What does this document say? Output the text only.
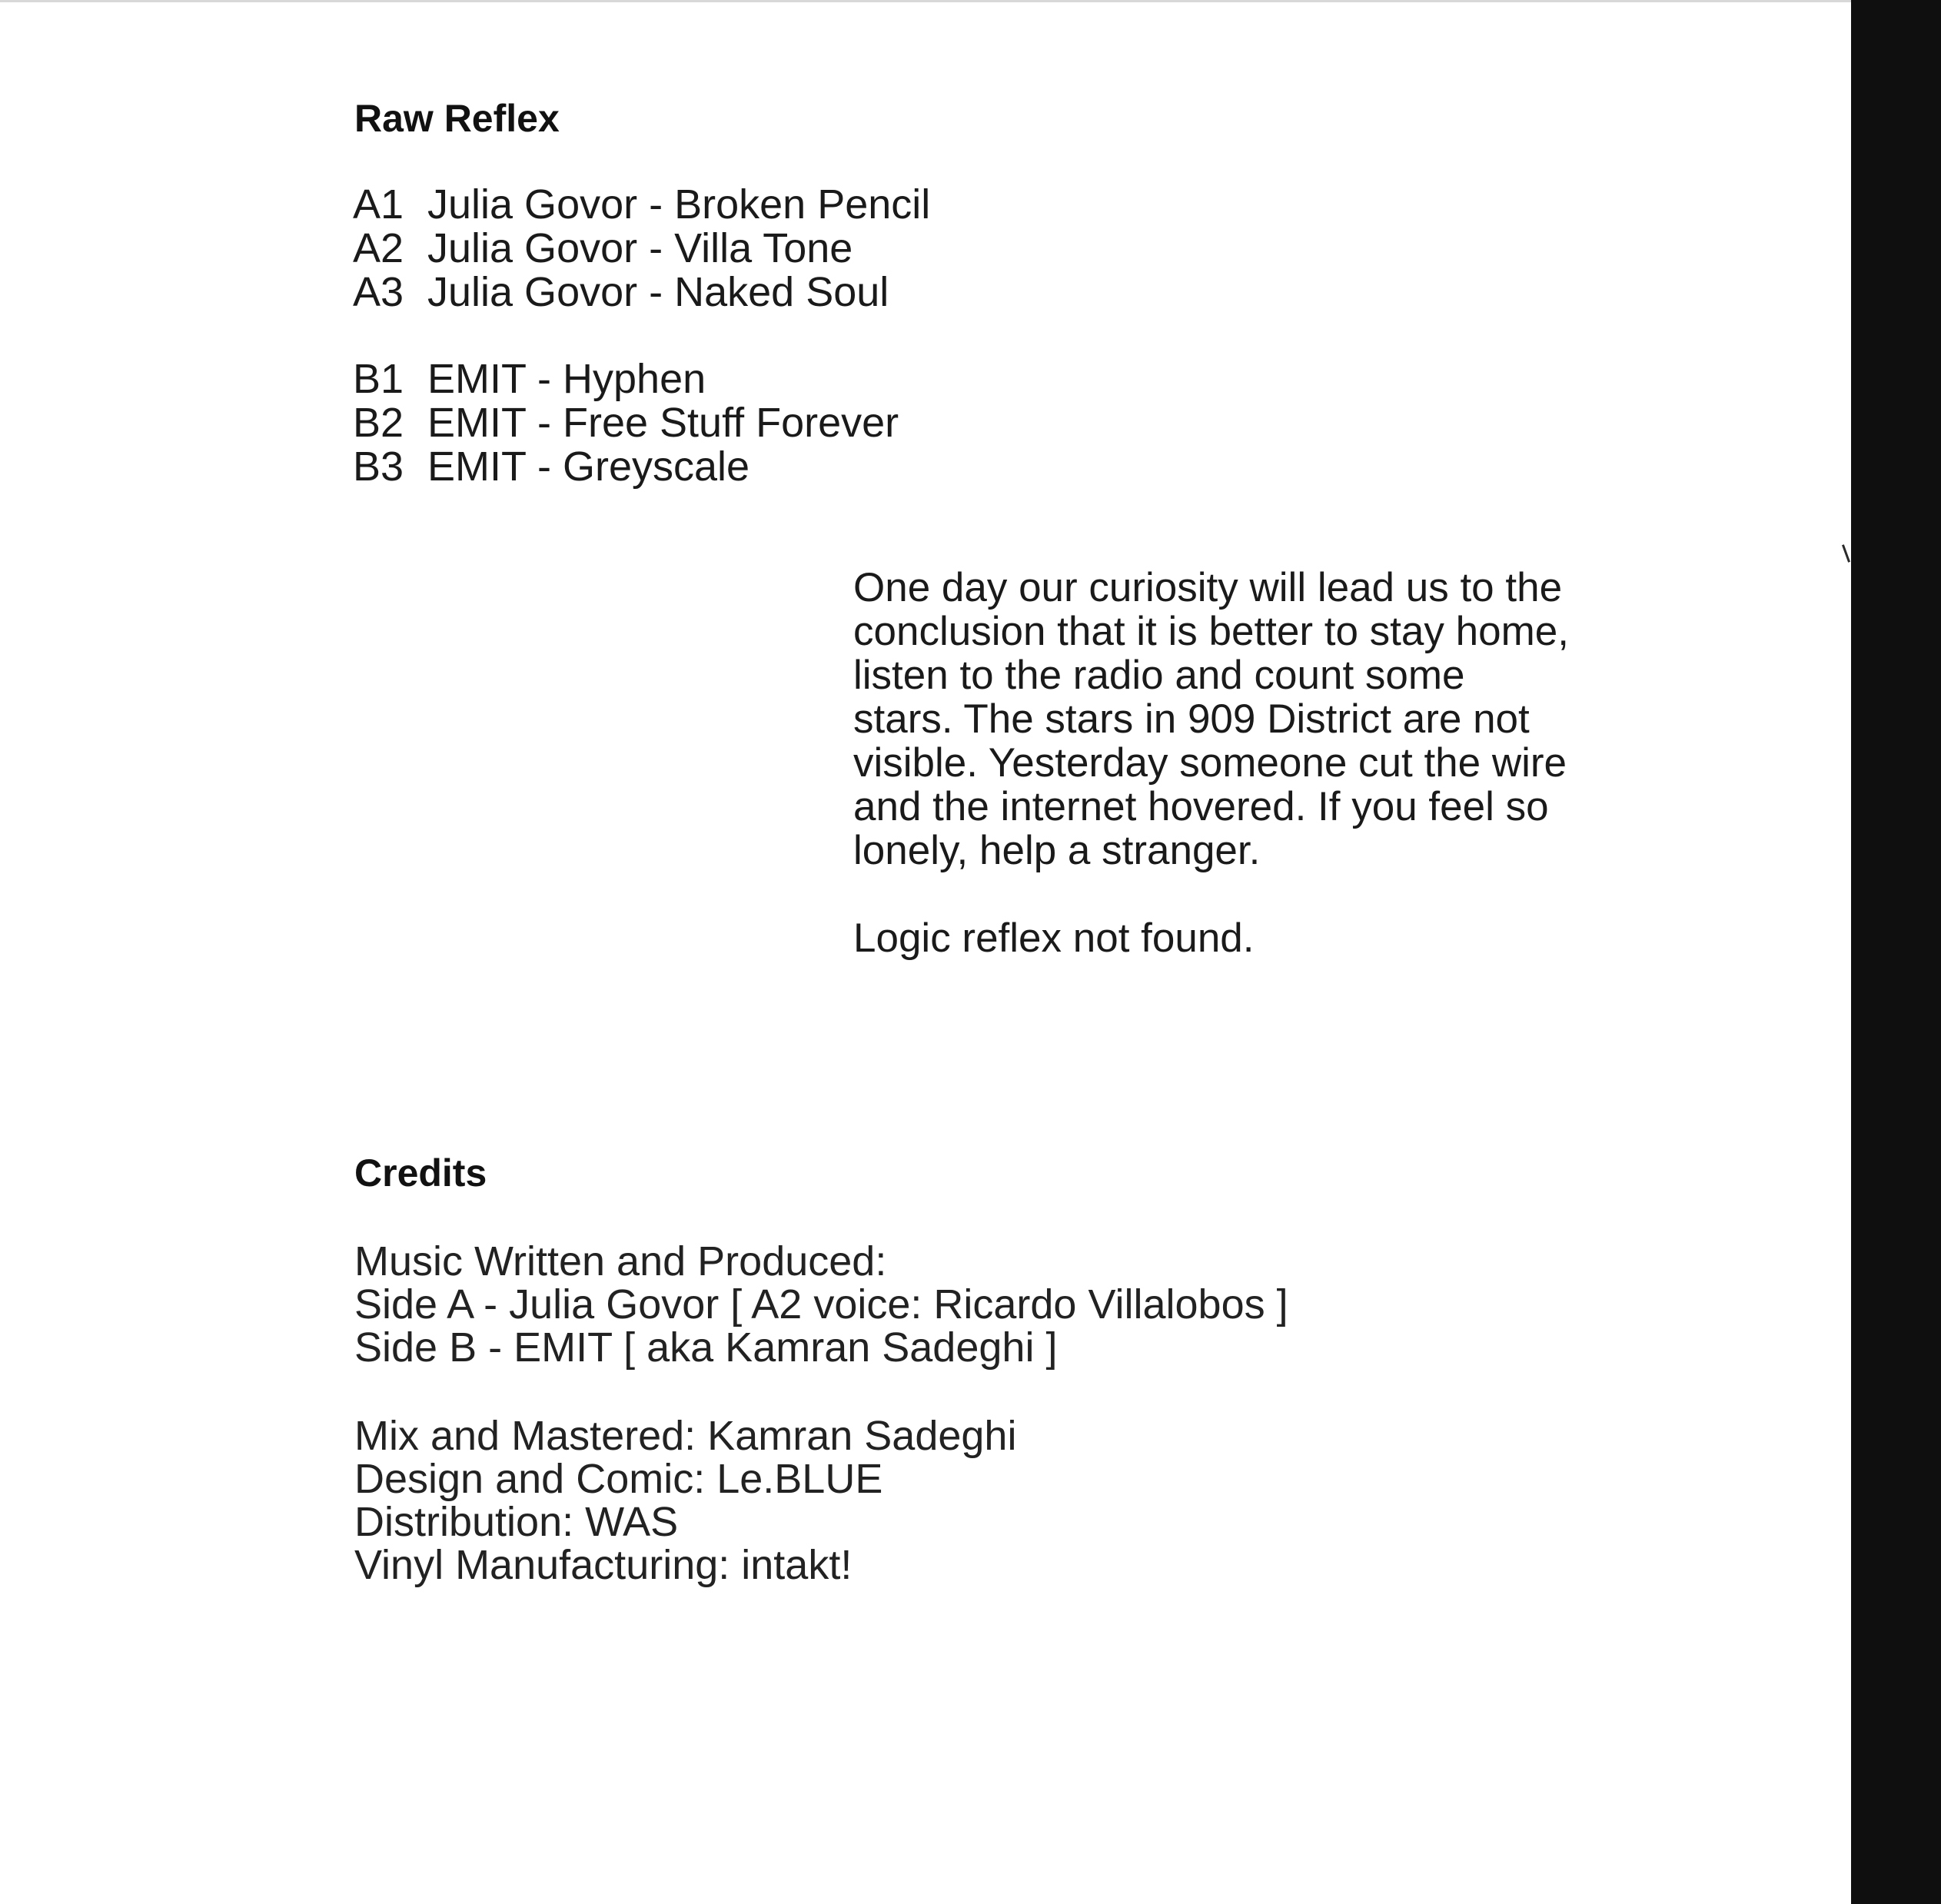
Raw Reflex
A1 Julia Govor - Broken Pencil
A2 Julia Govor - Villa Tone
A3 Julia Govor - Naked Soul
B1 EMIT - Hyphen
B2 EMIT - Free Stuff Forever
B3 EMIT - Greyscale

One day our curiosity will lead us to the
conclusion that it is better to stay home,
listen to the radio and count some
stars. The stars in 909 District are not
visible. Yesterday someone cut the wire
and the internet hovered. If you feel so
lonely, help a stranger.

Logic reflex not found.

Credits

Music Written and Produced:
Side A - Julia Govor [ A2 voice: Ricardo Villalobos ]
Side B - EMIT [ aka Kamran Sadeghi ]

Mix and Mastered: Kamran Sadeghi
Design and Comic: Le.BLUE
Distribution: WAS
Vinyl Manufacturing: intakt!
